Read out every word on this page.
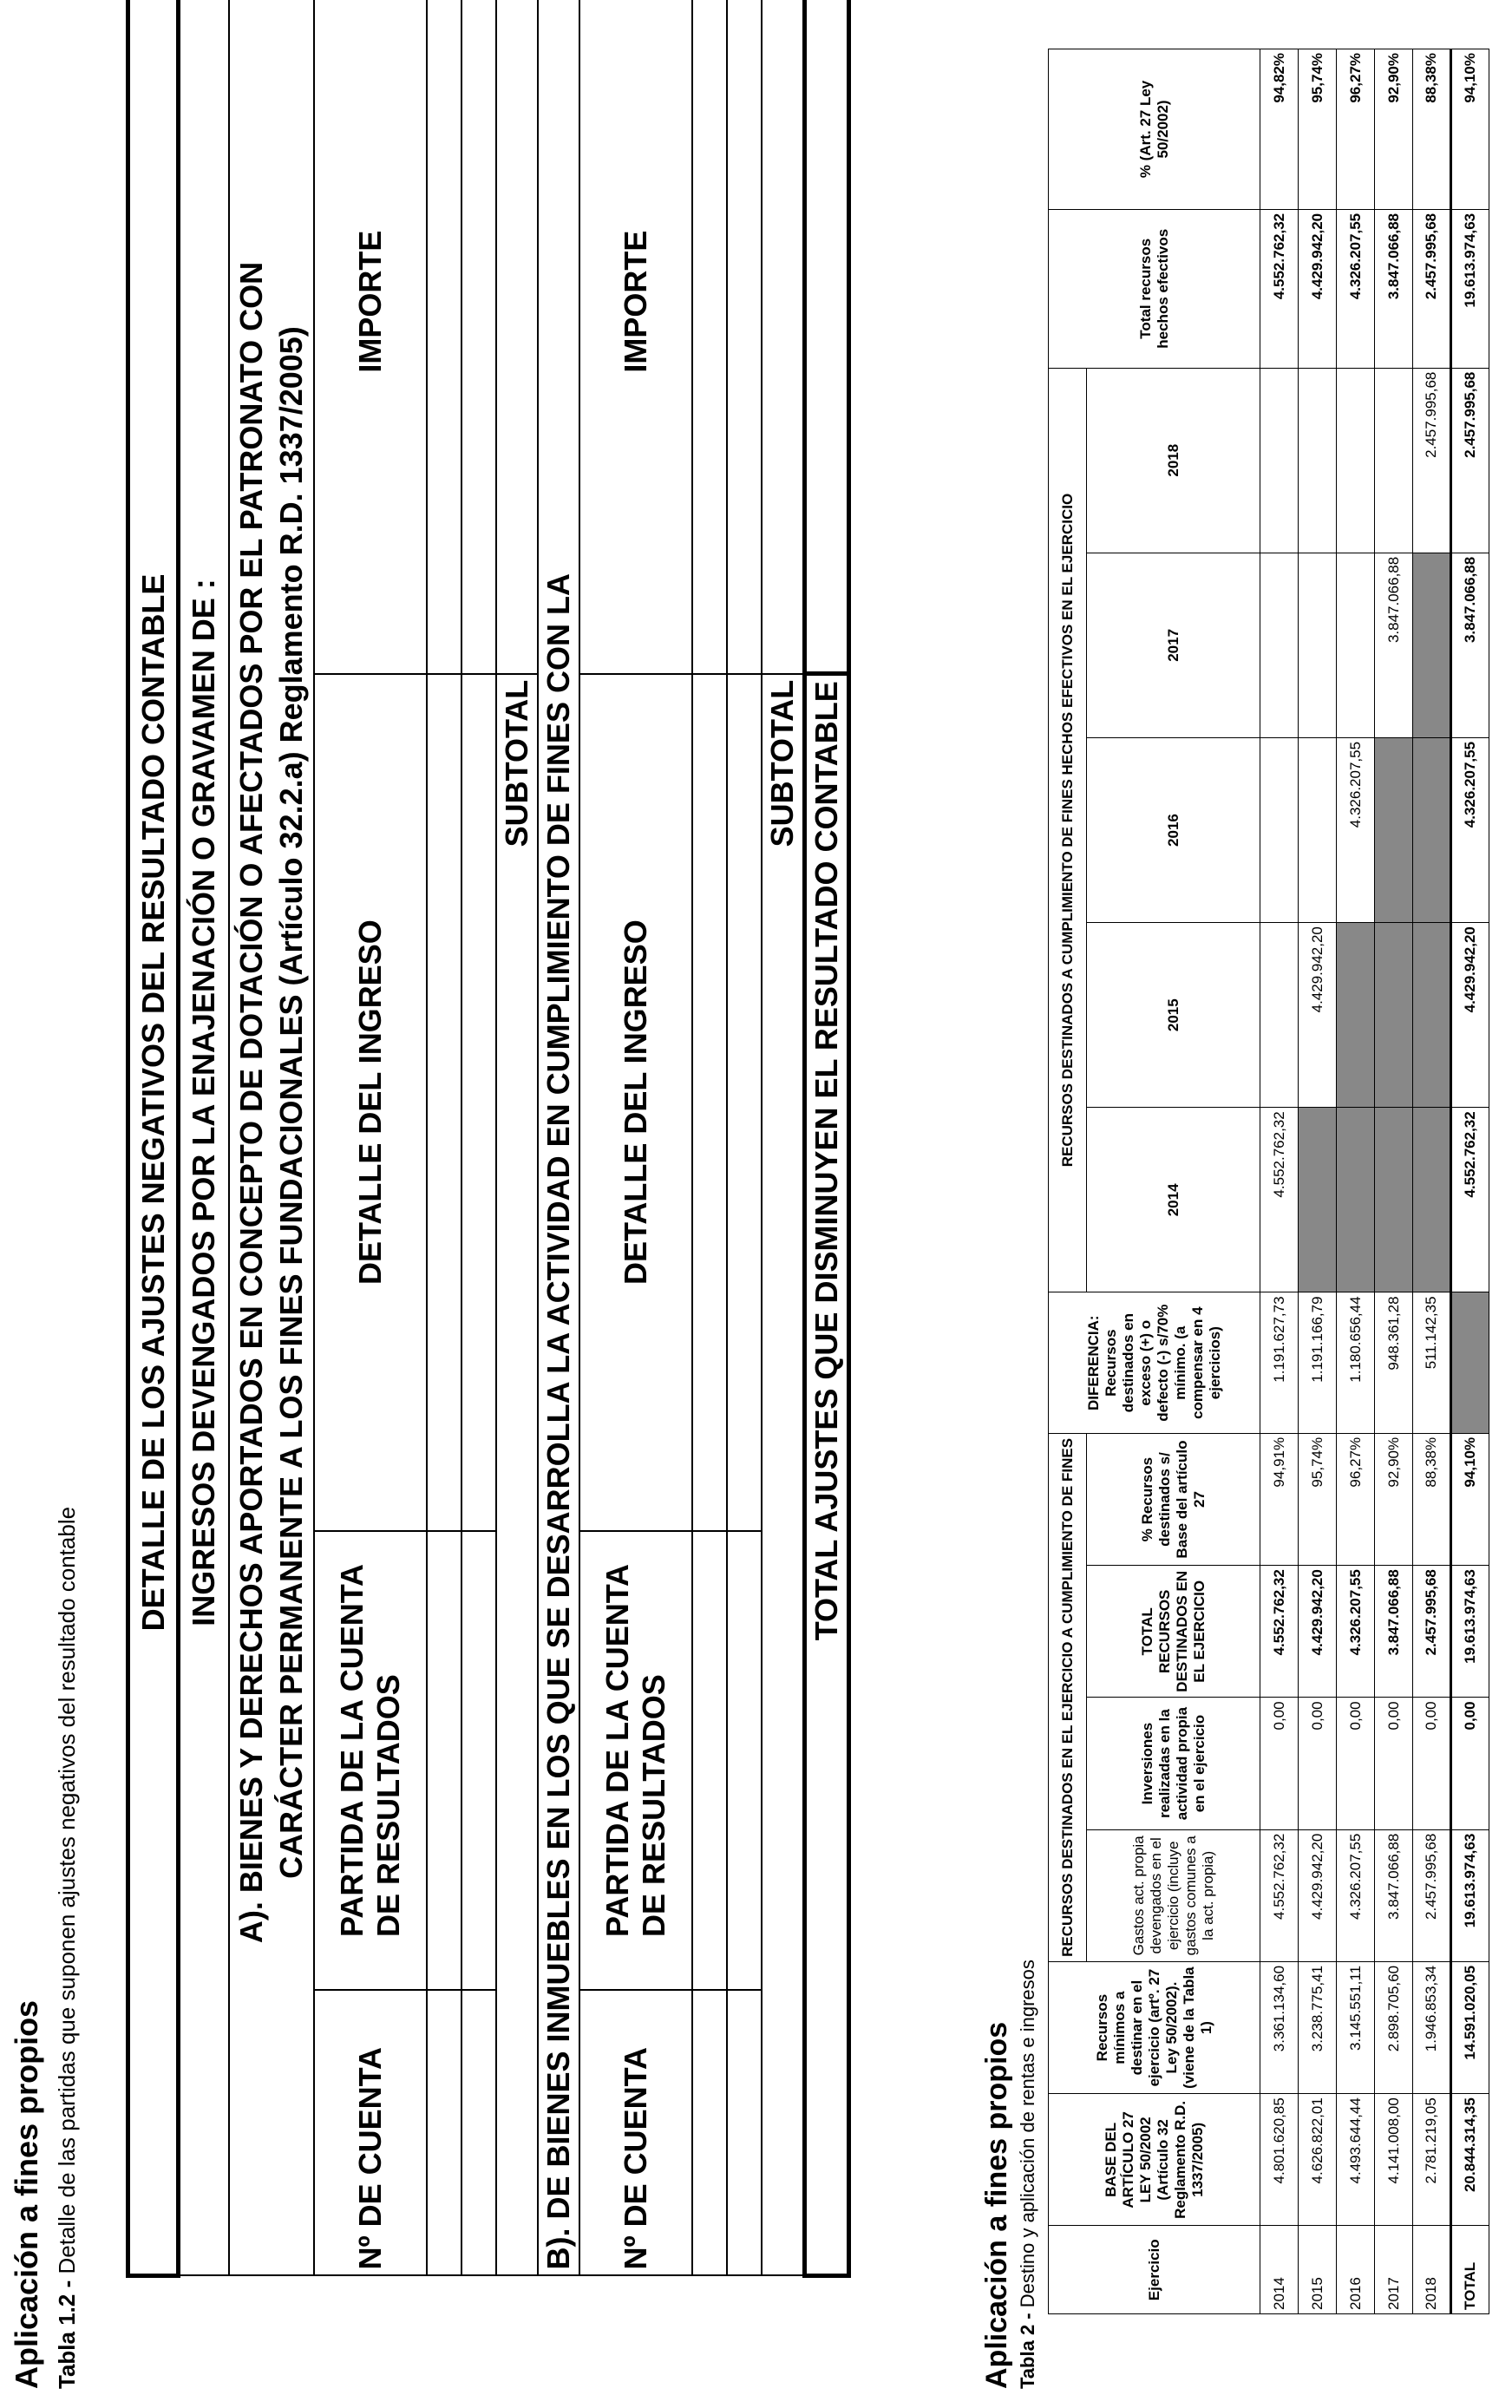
Aplicación a fines propios Tabla 1.2 - Detalle de las partidas que suponen ajustes negativos del resultado contable
DETALLE DE LOS AJUSTES NEGATIVOS DEL RESULTADO CONTABLE			
INGRESOS DEVENGADOS POR LA ENAJENACIÓN O GRAVAMEN DE :			

A). BIENES Y DERECHOS APORTADOS EN CONCEPTO DE DOTACIÓN O AFECTADOS POR EL PATRONATO CON CARÁCTER PERMANENTE A LOS FINES FUNDACIONALES (Artículo 32.2.a) Reglamento R.D. 1337/2005)			

Nº DE CUENTA	PARTIDA DE LA CUENTA DE RESULTADOS	DETALLE DEL INGRESO	IMPORTE

SUBTOTAL	
B). DE BIENES INMUEBLES EN LOS QUE SE DESARROLLA LA ACTIVIDAD EN CUMPLIMIENTO DE FINES CON LA			
Nº DE CUENTA	PARTIDA DE LA CUENTA DE RESULTADOS	DETALLE DEL INGRESO	IMPORTE

SUBTOTAL	
TOTAL AJUSTES QUE DISMINUYEN EL RESULTADO CONTABLE	
Aplicación a fines propios Tabla 2 - Destino y aplicación de rentas e ingresos	Ejercicio	BASE DEL ARTÍCULO 27 LEY 50/2002 (Artículo 32 Reglamento R.D. 1337/2005)	Recursos mínimos a destinar en el ejercicio (artº. 27 Ley 50/2002). (viene de la Tabla 1)	RECURSOS DESTINADOS EN EL EJERCICIO A CUMPLIMIENTO DE FINES				DIFERENCIA: Recursos destinados en exceso (+) o defecto (-) s/70% mínimo. (a compensar en 4 ejercicios)	RECURSOS DESTINADOS A CUMPLIMIENTO DE FINES HECHOS EFECTIVOS EN EL EJERCICIO					Total recursos hechos efectivos	% (Art. 27 Ley 50/2002)
			Gastos act. propia devengados en el ejercicio (incluye gastos comunes a la act. propia)	Inversiones realizadas en la actividad propia en el ejercicio	TOTAL RECURSOS DESTINADOS EN EL EJERCICIO	% Recursos destinados s/ Base del artículo 27		2014	2015	2016	2017	2018		
2014	4.801.620,85	3.361.134,60	4.552.762,32	0,00	4.552.762,32	94,91%	1.191.627,73	4.552.762,32					4.552.762,32	94,82%
2015	4.626.822,01	3.238.775,41	4.429.942,20	0,00	4.429.942,20	95,74%	1.191.166,79		4.429.942,20				4.429.942,20	95,74%
2016	4.493.644,44	3.145.551,11	4.326.207,55	0,00	4.326.207,55	96,27%	1.180.656,44			4.326.207,55			4.326.207,55	96,27%
2017	4.141.008,00	2.898.705,60	3.847.066,88	0,00	3.847.066,88	92,90%	948.361,28				3.847.066,88		3.847.066,88	92,90%
2018	2.781.219,05	1.946.853,34	2.457.995,68	0,00	2.457.995,68	88,38%	511.142,35					2.457.995,68	2.457.995,68	88,38%
TOTAL	20.844.314,35	14.591.020,05	19.613.974,63	0,00	19.613.974,63	94,10%		4.552.762,32	4.429.942,20	4.326.207,55	3.847.066,88	2.457.995,68	19.613.974,63	94,10%
